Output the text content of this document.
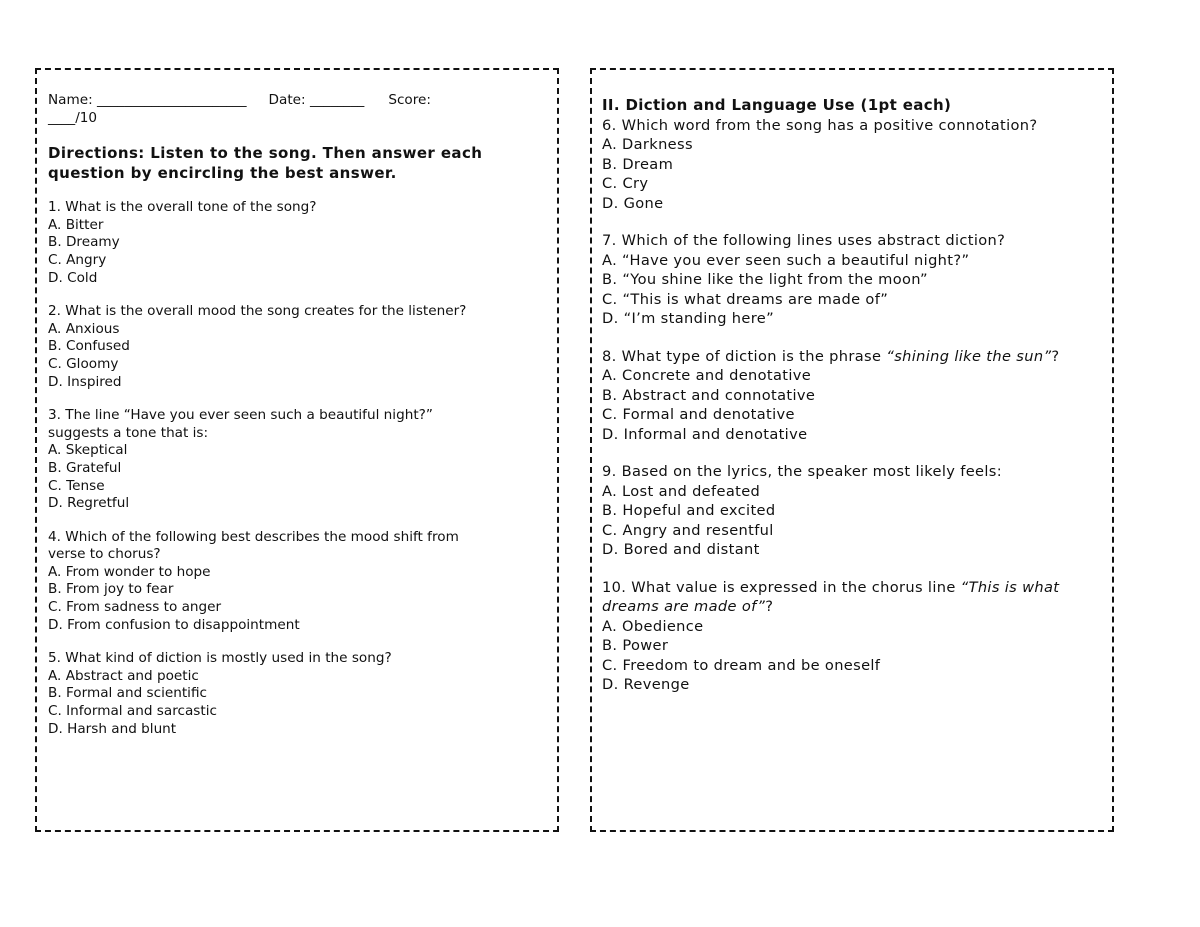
Name: ______________________ Date: ________ Score:
____/10
Directions: Listen to the song. Then answer each question by encircling the best answer.
1. What is the overall tone of the song?
A. Bitter
B. Dreamy
C. Angry
D. Cold
2. What is the overall mood the song creates for the listener?
A. Anxious
B. Confused
C. Gloomy
D. Inspired
3. The line “Have you ever seen such a beautiful night?”
suggests a tone that is:
A. Skeptical
B. Grateful
C. Tense
D. Regretful
4. Which of the following best describes the mood shift from
verse to chorus?
A. From wonder to hope
B. From joy to fear
C. From sadness to anger
D. From confusion to disappointment
5. What kind of diction is mostly used in the song?
A. Abstract and poetic
B. Formal and scientific
C. Informal and sarcastic
D. Harsh and blunt
II. Diction and Language Use (1pt each)
6. Which word from the song has a positive connotation?
A. Darkness
B. Dream
C. Cry
D. Gone
7. Which of the following lines uses abstract diction?
A. “Have you ever seen such a beautiful night?”
B. “You shine like the light from the moon”
C. “This is what dreams are made of”
D. “I’m standing here”
8. What type of diction is the phrase “shining like the sun”?
A. Concrete and denotative
B. Abstract and connotative
C. Formal and denotative
D. Informal and denotative
9. Based on the lyrics, the speaker most likely feels:
A. Lost and defeated
B. Hopeful and excited
C. Angry and resentful
D. Bored and distant
10. What value is expressed in the chorus line “This is what dreams are made of”?
A. Obedience
B. Power
C. Freedom to dream and be oneself
D. Revenge
